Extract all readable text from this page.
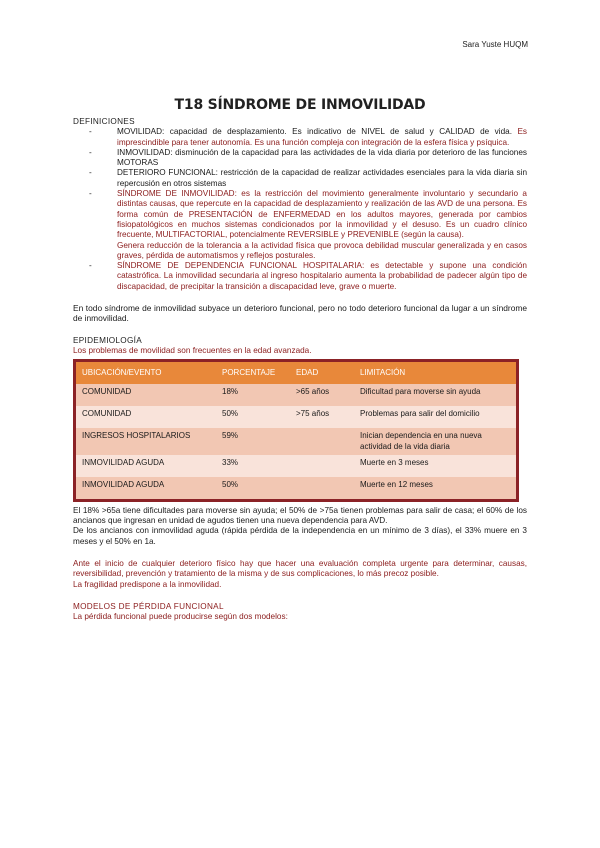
Sara Yuste HUQM
T18 SÍNDROME DE INMOVILIDAD

DEFINICIONES

- MOVILIDAD: capacidad de desplazamiento. Es indicativo de NIVEL de salud y CALIDAD de vida. Es imprescindible para tener autonomía. Es una función compleja con integración de la esfera física y psíquica.
- INMOVILIDAD: disminución de la capacidad para las actividades de la vida diaria por deterioro de las funciones MOTORAS
- DETERIORO FUNCIONAL: restricción de la capacidad de realizar actividades esenciales para la vida diaria sin repercusión en otros sistemas
- SÍNDROME DE INMOVILIDAD: es la restricción del movimiento generalmente involuntario y secundario a distintas causas, que repercute en la capacidad de desplazamiento y realización de las AVD de una persona. Es forma común de PRESENTACIÓN de ENFERMEDAD en los adultos mayores, generada por cambios fisiopatológicos en muchos sistemas condicionados por la inmovilidad y el desuso. Es un cuadro clínico frecuente, MULTIFACTORIAL, potencialmente REVERSIBLE y PREVENIBLE (según la causa).
Genera reducción de la tolerancia a la actividad física que provoca debilidad muscular generalizada y en casos graves, pérdida de automatismos y reflejos posturales.
- SÍNDROME DE DEPENDENCIA FUNCIONAL HOSPITALARIA: es detectable y supone una condición catastrófica. La inmovilidad secundaria al ingreso hospitalario aumenta la probabilidad de padecer algún tipo de discapacidad, de precipitar la transición a discapacidad leve, grave o muerte.

En todo síndrome de inmovilidad subyace un deterioro funcional, pero no todo deterioro funcional da lugar a un síndrome de inmovilidad.

EPIDEMIOLOGÍA

Los problemas de movilidad son frecuentes en la edad avanzada.

UBICACIÓN/EVENTO	PORCENTAJE	EDAD	LIMITACIÓN
COMUNIDAD	18%	>65 años	Dificultad para moverse sin ayuda
COMUNIDAD	50%	>75 años	Problemas para salir del domicilio
INGRESOS HOSPITALARIOS	59%		Inician dependencia en una nueva actividad de la vida diaria
INMOVILIDAD AGUDA	33%		Muerte en 3 meses
INMOVILIDAD AGUDA	50%		Muerte en 12 meses

El 18% >65a tiene dificultades para moverse sin ayuda; el 50% de >75a tienen problemas para salir de casa; el 60% de los ancianos que ingresan en unidad de agudos tienen una nueva dependencia para AVD.

De los ancianos con inmovilidad aguda (rápida pérdida de la independencia en un mínimo de 3 días), el 33% muere en 3 meses y el 50% en 1a.

Ante el inicio de cualquier deterioro físico hay que hacer una evaluación completa urgente para determinar, causas, reversibilidad, prevención y tratamiento de la misma y de sus complicaciones, lo más precoz posible.

La fragilidad predispone a la inmovilidad.

MODELOS DE PÉRDIDA FUNCIONAL

La pérdida funcional puede producirse según dos modelos:
